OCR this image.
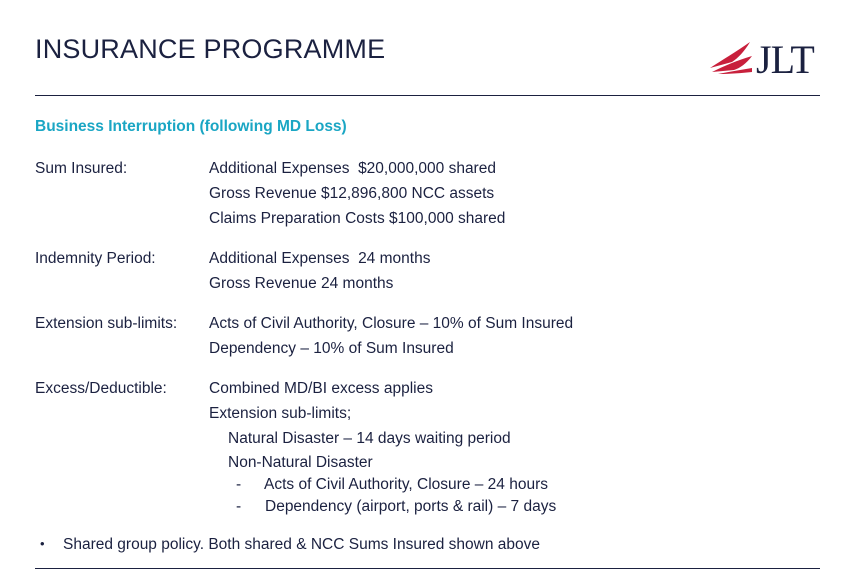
INSURANCE PROGRAMME	JLT
Business Interruption (following MD Loss)
Sum Insured:	Additional Expenses  $20,000,000 shared
Gross Revenue $12,896,800 NCC assets
Claims Preparation Costs $100,000 shared
Indemnity Period:	Additional Expenses  24 months
Gross Revenue 24 months
Extension sub-limits: Acts of Civil Authority, Closure – 10% of Sum Insured
Dependency – 10% of Sum Insured
Excess/Deductible:	Combined MD/BI excess applies
Extension sub-limits;
Natural Disaster – 14 days waiting period
Non-Natural Disaster
- Acts of Civil Authority, Closure – 24 hours
- Dependency (airport, ports & rail) – 7 days
• Shared group policy. Both shared & NCC Sums Insured shown above
